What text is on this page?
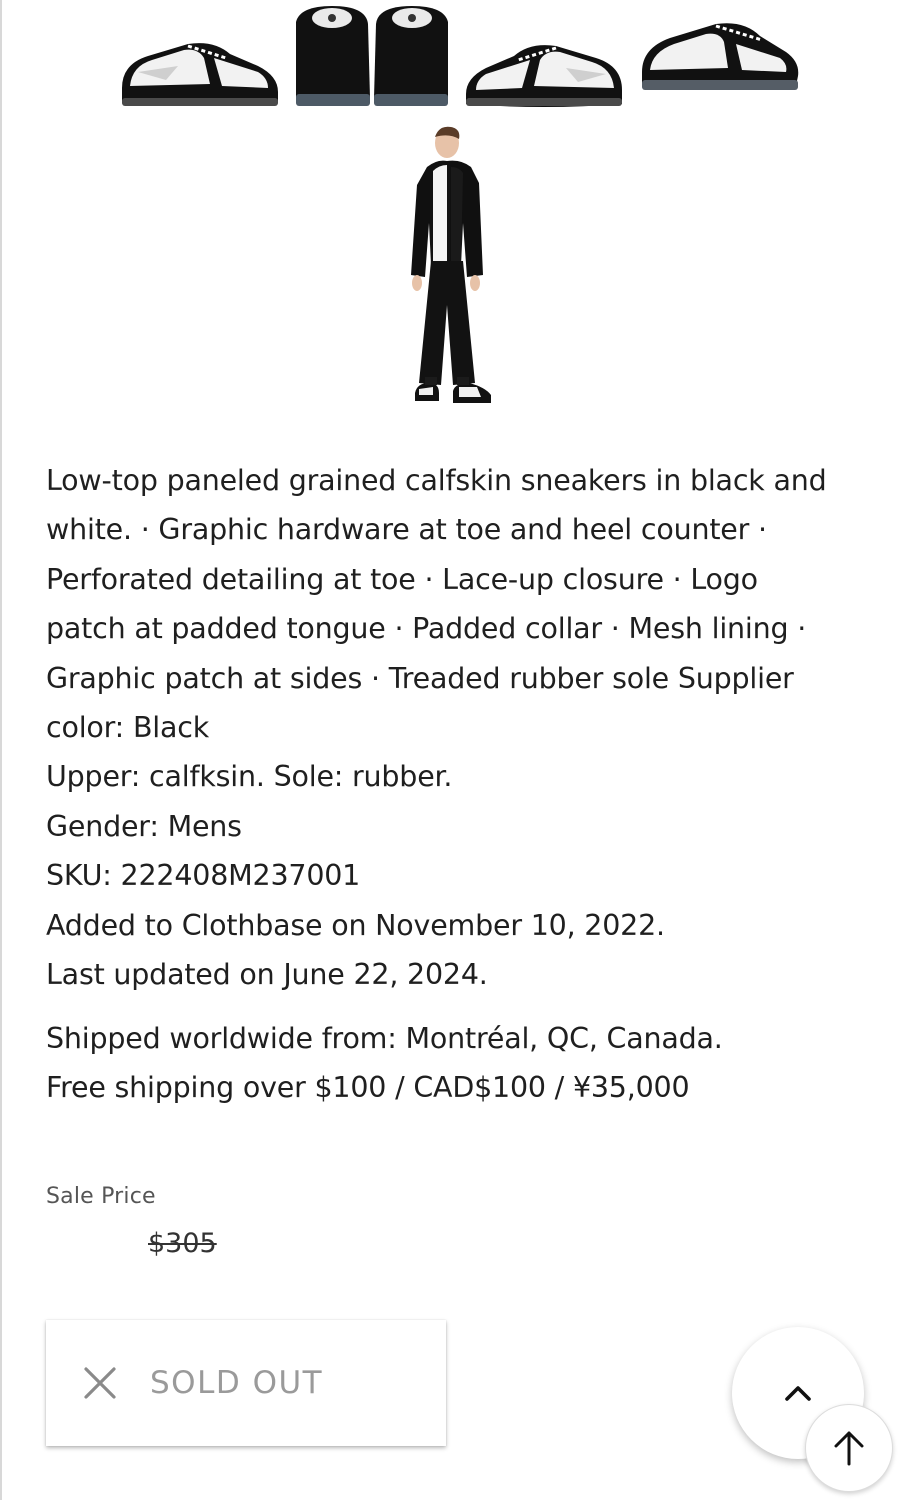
Low-top paneled grained calfskin sneakers in black and

white. · Graphic hardware at toe and heel counter ·

Perforated detailing at toe · Lace-up closure · Logo

patch at padded tongue · Padded collar · Mesh lining ·

Graphic patch at sides · Treaded rubber sole Supplier

color: Black

Upper: calfksin. Sole: rubber.

Gender: Mens

SKU: 222408M237001

Added to Clothbase on November 10, 2022.

Last updated on June 22, 2024.

Shipped worldwide from: Montréal, QC, Canada.

Free shipping over $100 / CAD$100 / ¥35,000

Sale Price
$305
SOLD OUT
